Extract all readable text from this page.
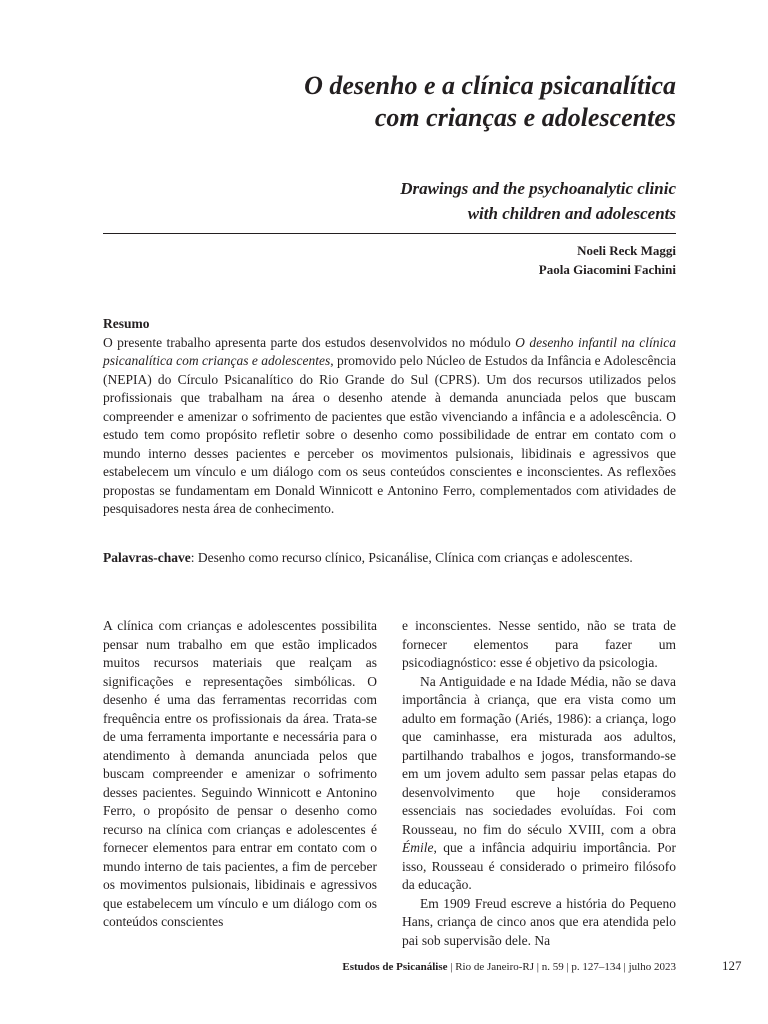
O desenho e a clínica psicanalítica
com crianças e adolescentes
Drawings and the psychoanalytic clinic
with children and adolescents
Noeli Reck Maggi
Paola Giacomini Fachini
Resumo

O presente trabalho apresenta parte dos estudos desenvolvidos no módulo O desenho infantil na clínica psicanalítica com crianças e adolescentes, promovido pelo Núcleo de Estudos da Infância e Adolescência (NEPIA) do Círculo Psicanalítico do Rio Grande do Sul (CPRS). Um dos recursos utilizados pelos profissionais que trabalham na área o desenho atende à demanda anunciada pelos que buscam compreender e amenizar o sofrimento de pacientes que estão vivenciando a infância e a adolescência. O estudo tem como propósito refletir sobre o desenho como possibilidade de entrar em contato com o mundo interno desses pacientes e perceber os movimentos pulsionais, libidinais e agressivos que estabelecem um vínculo e um diálogo com os seus conteúdos conscientes e inconscientes. As reflexões propostas se fundamentam em Donald Winnicott e Antonino Ferro, complementados com atividades de pesquisadores nesta área de conhecimento.

Palavras-chave: Desenho como recurso clínico, Psicanálise, Clínica com crianças e adolescentes.

A clínica com crianças e adolescentes possibilita pensar num trabalho em que estão implicados muitos recursos materiais que realçam as significações e representações simbólicas. O desenho é uma das ferramentas recorridas com frequência entre os profissionais da área. Trata-se de uma ferramenta importante e necessária para o atendimento à demanda anunciada pelos que buscam compreender e amenizar o sofrimento desses pacientes. Seguindo Winnicott e Antonino Ferro, o propósito de pensar o desenho como recurso na clínica com crianças e adolescentes é fornecer elementos para entrar em contato com o mundo interno de tais pacientes, a fim de perceber os movimentos pulsionais, libidinais e agressivos que estabelecem um vínculo e um diálogo com os conteúdos conscientes

e inconscientes. Nesse sentido, não se trata de fornecer elementos para fazer um psicodiagnóstico: esse é objetivo da psicologia.

Na Antiguidade e na Idade Média, não se dava importância à criança, que era vista como um adulto em formação (Ariés, 1986): a criança, logo que caminhasse, era misturada aos adultos, partilhando trabalhos e jogos, transformando-se em um jovem adulto sem passar pelas etapas do desenvolvimento que hoje consideramos essenciais nas sociedades evoluídas. Foi com Rousseau, no fim do século XVIII, com a obra Émile, que a infância adquiriu importância. Por isso, Rousseau é considerado o primeiro filósofo da educação.

Em 1909 Freud escreve a história do Pequeno Hans, criança de cinco anos que era atendida pelo pai sob supervisão dele. Na

Estudos de Psicanálise | Rio de Janeiro-RJ | n. 59 | p. 127–134 | julho 2023	127
